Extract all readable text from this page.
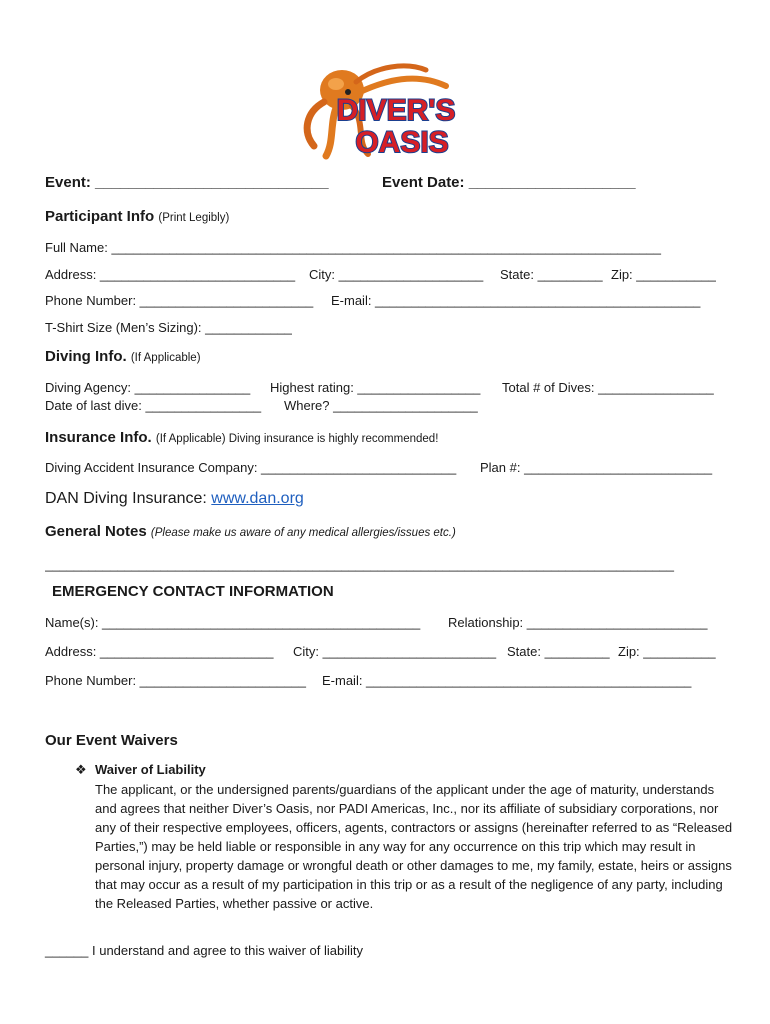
DIVER'S
OASIS
Event: ____________________________	Event Date: ____________________
Participant Info (Print Legibly)
Full Name: ____________________________________________________________________________
Address: ___________________________ City: ____________________ State: _________ Zip: ___________
Phone Number: ________________________ E-mail: _____________________________________________
T-Shirt Size (Men’s Sizing): ____________
Diving Info. (If Applicable)
Diving Agency: ________________ Highest rating: _________________ Total # of Dives: ________________
Date of last dive: ________________ Where? ____________________
Insurance Info. (If Applicable) Diving insurance is highly recommended!
Diving Accident Insurance Company: ___________________________ Plan #: __________________________
DAN Diving Insurance: www.dan.org
General Notes (Please make us aware of any medical allergies/issues etc.)
_______________________________________________________________________________________
EMERGENCY CONTACT INFORMATION
Name(s): ____________________________________________ Relationship: _________________________
Address: ________________________ City: ________________________ State: _________ Zip: __________
Phone Number: _______________________ E-mail: _____________________________________________
Our Event Waivers
❖ Waiver of Liability
The applicant, or the undersigned parents/guardians of the applicant under the age of maturity, understands and agrees that neither Diver’s Oasis, nor PADI Americas, Inc., nor its affiliate of subsidiary corporations, nor any of their respective employees, officers, agents, contractors or assigns (hereinafter referred to as “Released Parties,”) may be held liable or responsible in any way for any occurrence on this trip which may result in personal injury, property damage or wrongful death or other damages to me, my family, estate, heirs or assigns that may occur as a result of my participation in this trip or as a result of the negligence of any party, including the Released Parties, whether passive or active.
______ I understand and agree to this waiver of liability
